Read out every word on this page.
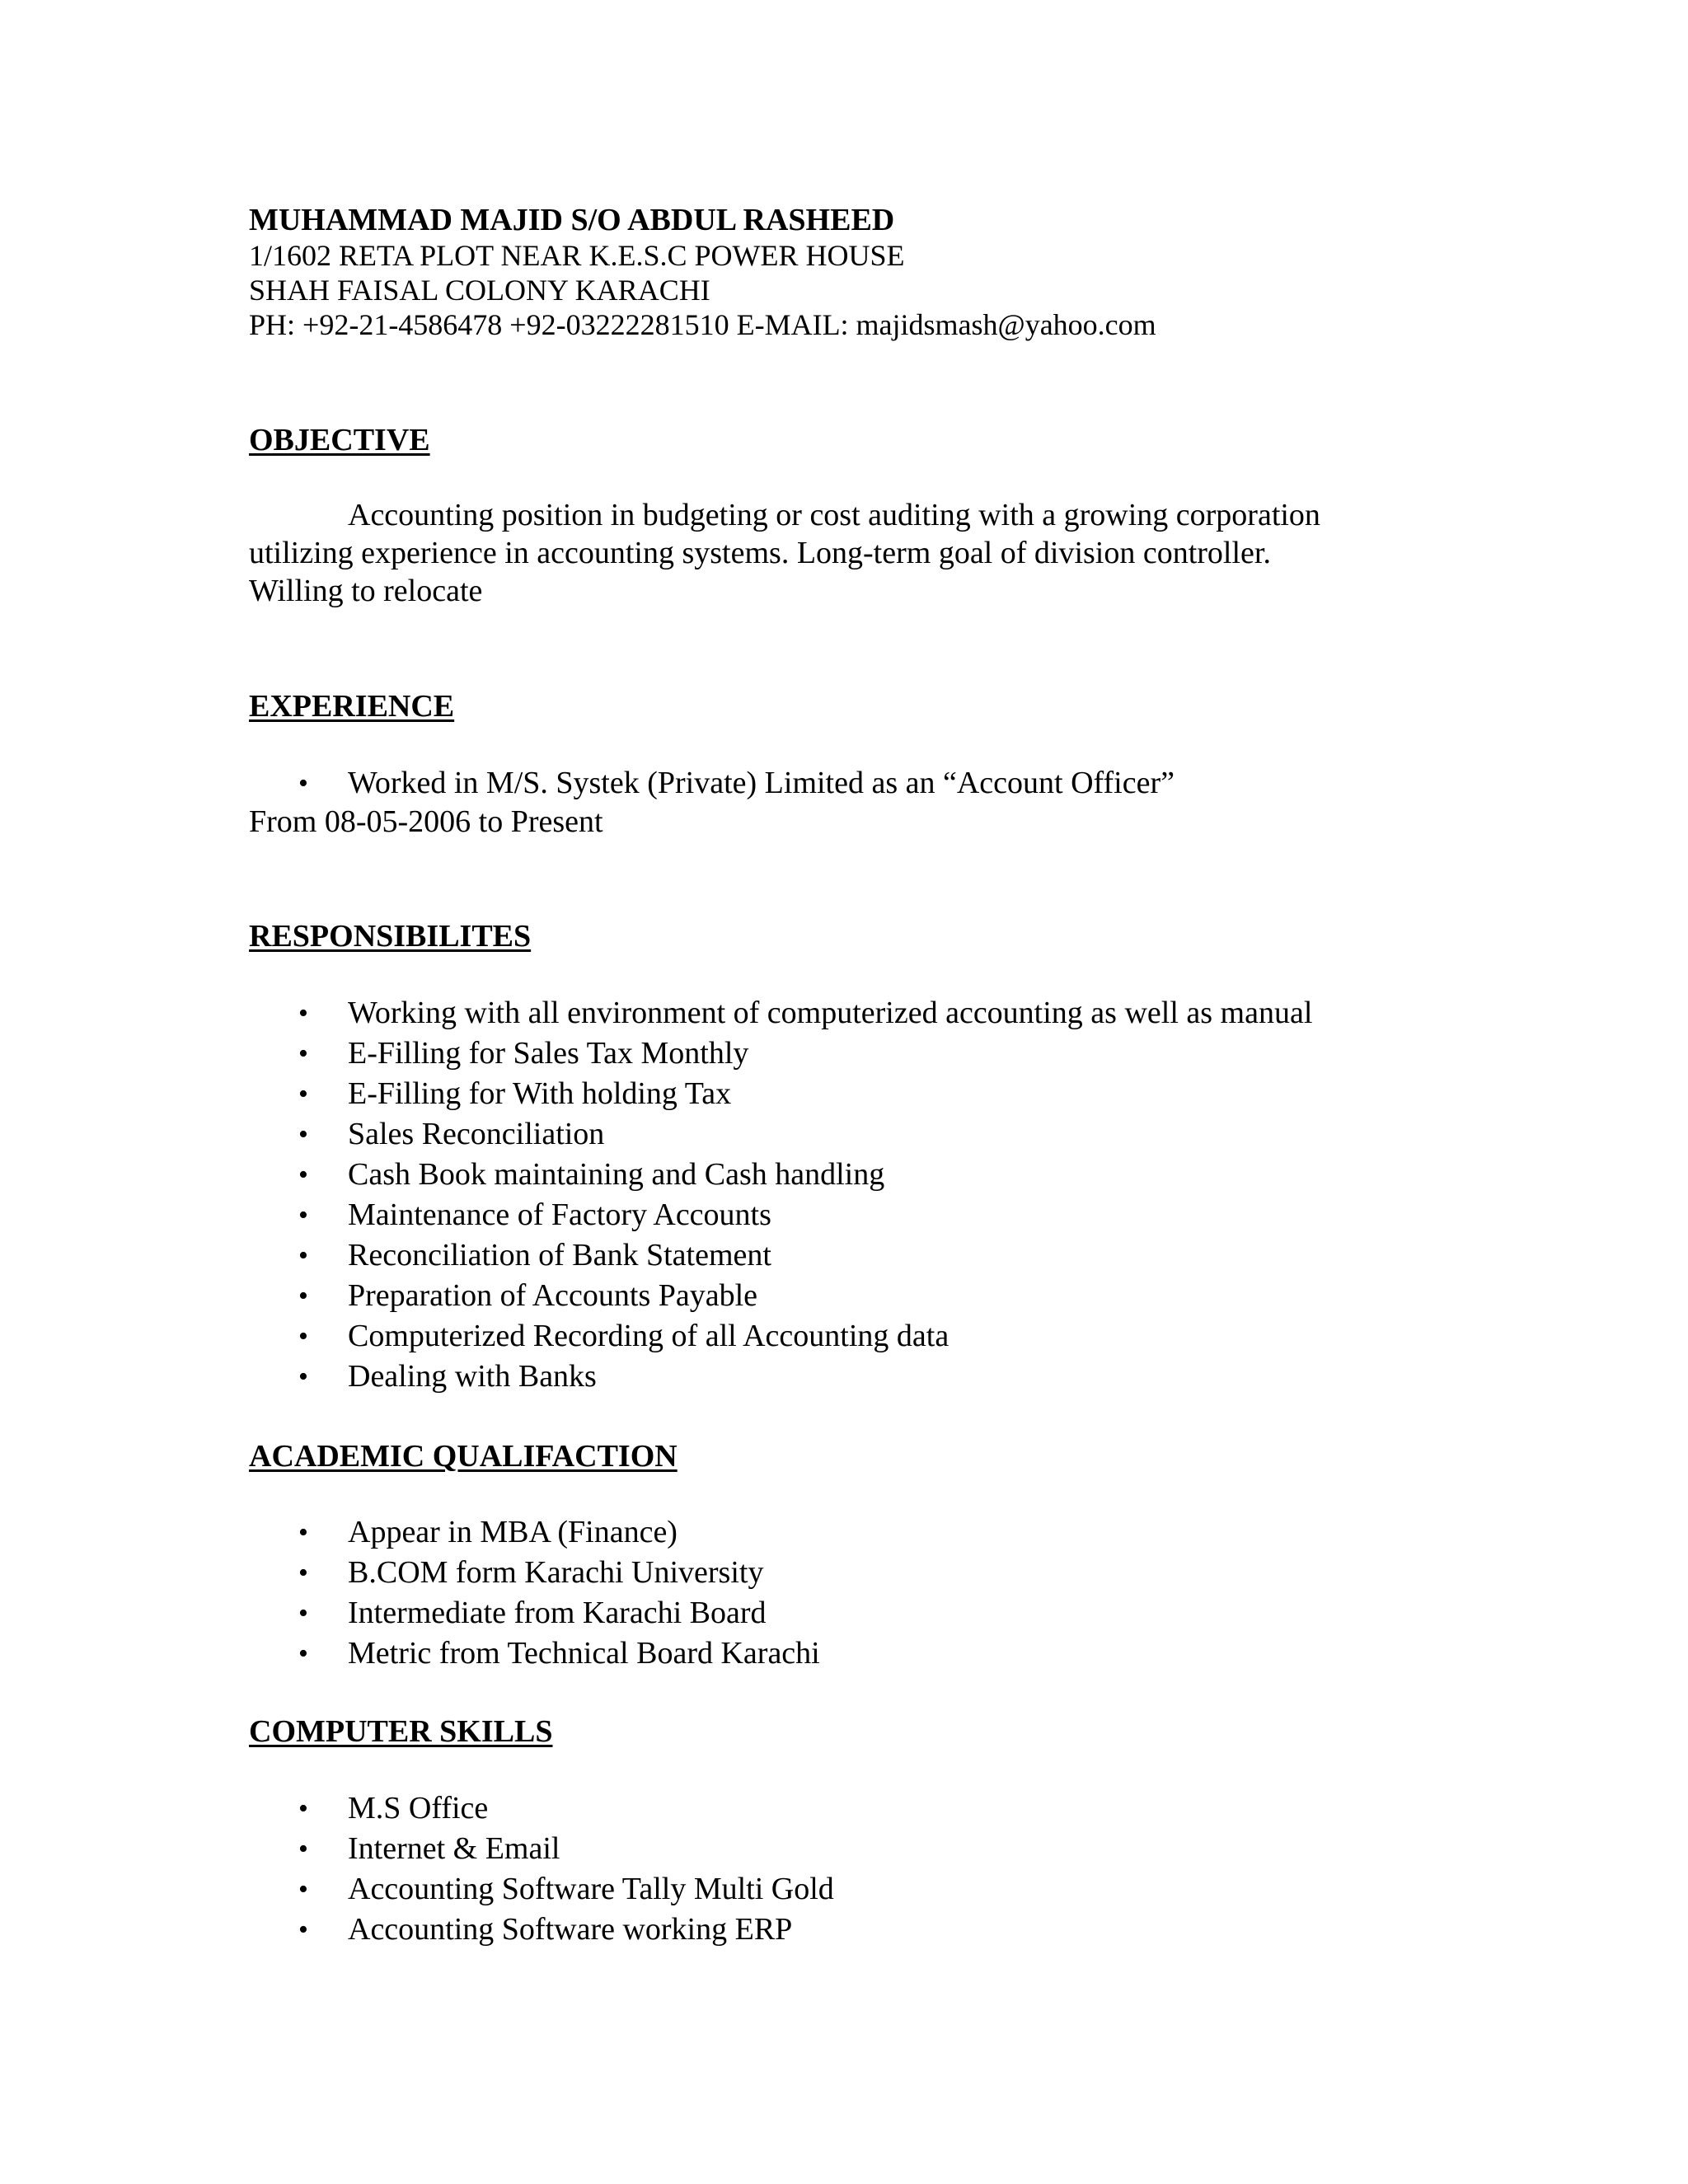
MUHAMMAD MAJID S/O ABDUL RASHEED
1/1602 RETA PLOT NEAR K.E.S.C POWER HOUSE
SHAH FAISAL COLONY KARACHI
PH: +92-21-4586478 +92-03222281510 E-MAIL: majidsmash@yahoo.com
OBJECTIVE
Accounting position in budgeting or cost auditing with a growing corporation
utilizing experience in accounting systems. Long-term goal of division controller.
Willing to relocate
EXPERIENCE
• Worked in M/S. Systek (Private) Limited as an “Account Officer”
From 08-05-2006 to Present
RESPONSIBILITES
• Working with all environment of computerized accounting as well as manual
• E-Filling for Sales Tax Monthly
• E-Filling for With holding Tax
• Sales Reconciliation
• Cash Book maintaining and Cash handling
• Maintenance of Factory Accounts
• Reconciliation of Bank Statement
• Preparation of Accounts Payable
• Computerized Recording of all Accounting data
• Dealing with Banks
ACADEMIC QUALIFACTION
• Appear in MBA (Finance)
• B.COM form Karachi University
• Intermediate from Karachi Board
• Metric from Technical Board Karachi
COMPUTER SKILLS
• M.S Office
• Internet & Email
• Accounting Software Tally Multi Gold
• Accounting Software working ERP
